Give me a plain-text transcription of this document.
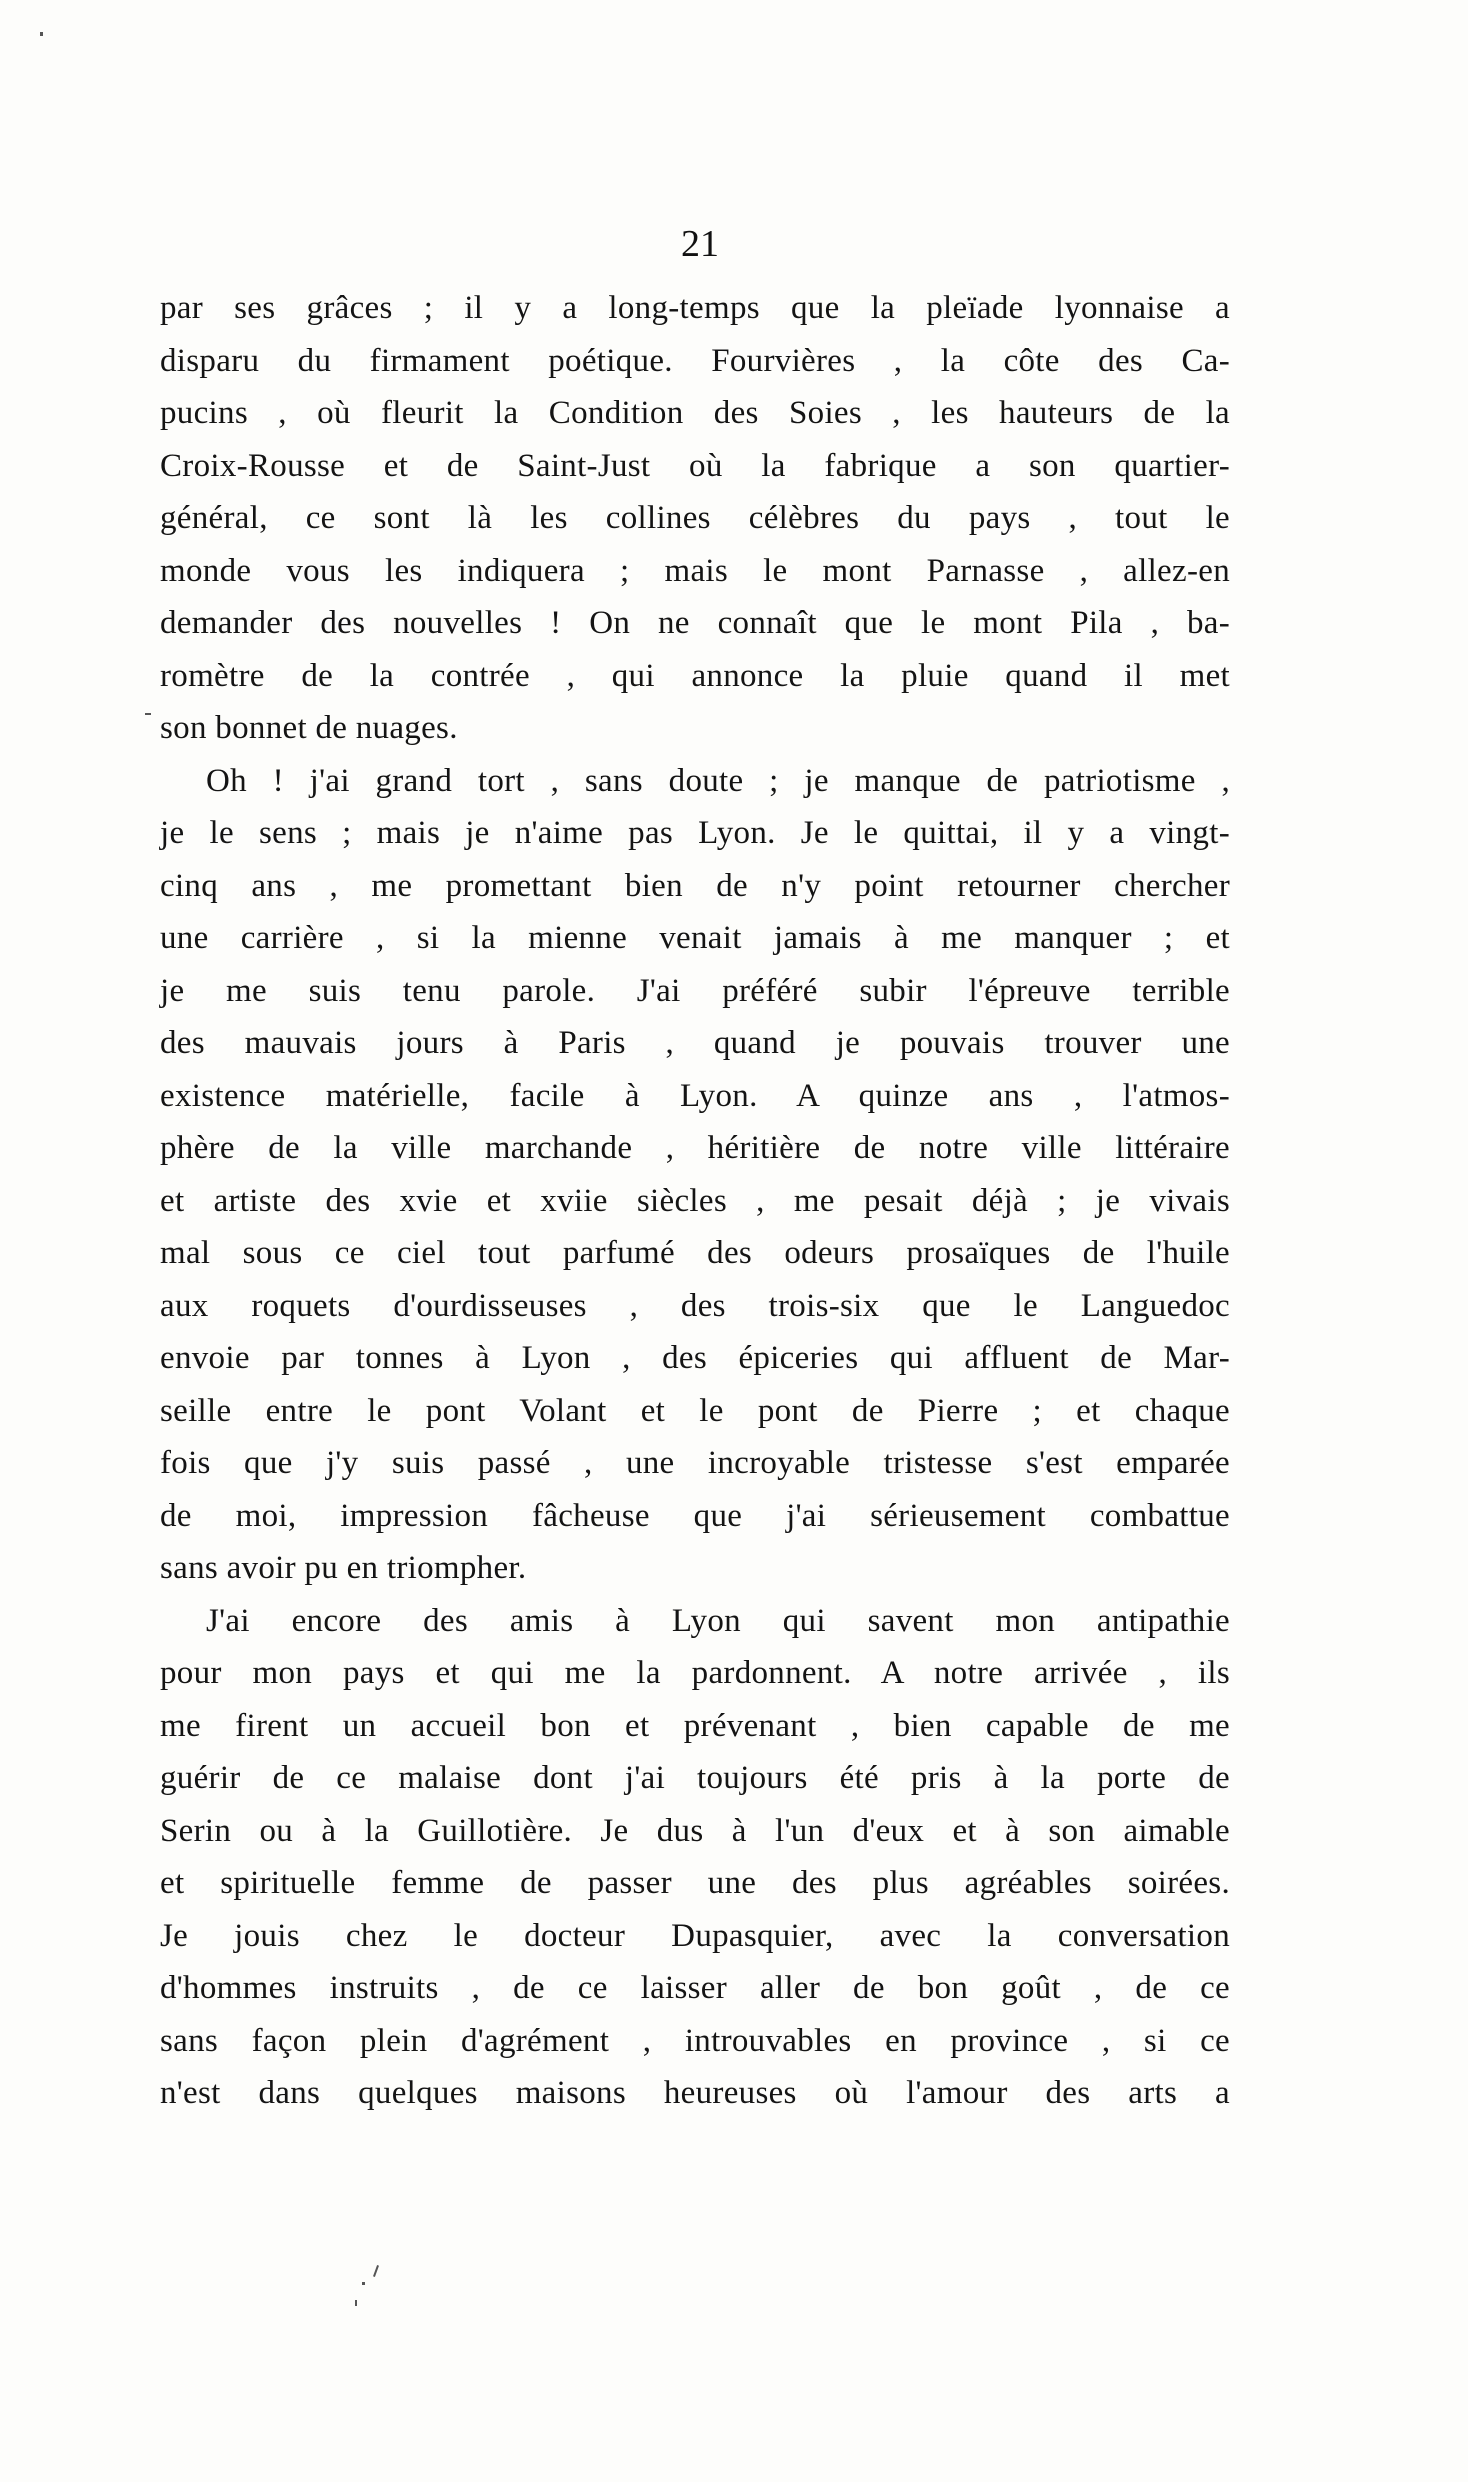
21
par ses grâces ; il y a long-temps que la pleïade lyonnaise a
disparu du firmament poétique. Fourvières , la côte des Ca-
pucins , où fleurit la Condition des Soies , les hauteurs de la
Croix-Rousse et de Saint-Just où la fabrique a son quartier-
général, ce sont là les collines célèbres du pays , tout le
monde vous les indiquera ; mais le mont Parnasse , allez-en
demander des nouvelles ! On ne connaît que le mont Pila , ba-
romètre de la contrée , qui annonce la pluie quand il met
son bonnet de nuages.
Oh ! j'ai grand tort , sans doute ; je manque de patriotisme ,
je le sens ; mais je n'aime pas Lyon. Je le quittai, il y a vingt-
cinq ans , me promettant bien de n'y point retourner chercher
une carrière , si la mienne venait jamais à me manquer ; et
je me suis tenu parole. J'ai préféré subir l'épreuve terrible
des mauvais jours à Paris , quand je pouvais trouver une
existence matérielle, facile à Lyon. A quinze ans , l'atmos-
phère de la ville marchande , héritière de notre ville littéraire
et artiste des xvie et xviie siècles , me pesait déjà ; je vivais
mal sous ce ciel tout parfumé des odeurs prosaïques de l'huile
aux roquets d'ourdisseuses , des trois-six que le Languedoc
envoie par tonnes à Lyon , des épiceries qui affluent de Mar-
seille entre le pont Volant et le pont de Pierre ; et chaque
fois que j'y suis passé , une incroyable tristesse s'est emparée
de moi, impression fâcheuse que j'ai sérieusement combattue
sans avoir pu en triompher.
J'ai encore des amis à Lyon qui savent mon antipathie
pour mon pays et qui me la pardonnent. A notre arrivée , ils
me firent un accueil bon et prévenant , bien capable de me
guérir de ce malaise dont j'ai toujours été pris à la porte de
Serin ou à la Guillotière. Je dus à l'un d'eux et à son aimable
et spirituelle femme de passer une des plus agréables soirées.
Je jouis chez le docteur Dupasquier, avec la conversation
d'hommes instruits , de ce laisser aller de bon goût , de ce
sans façon plein d'agrément , introuvables en province , si ce
n'est dans quelques maisons heureuses où l'amour des arts a
